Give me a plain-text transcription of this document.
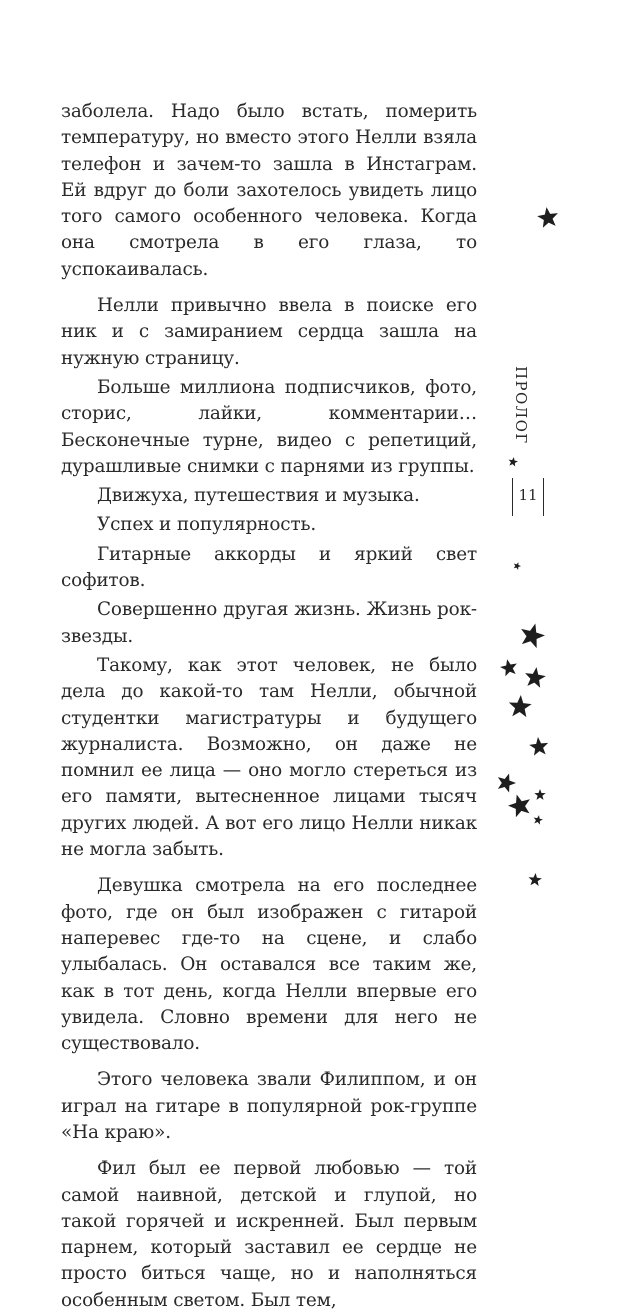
заболела. Надо было встать, померить температуру, но вместо этого Нелли взяла телефон и зачем-то зашла в Инстаграм. Ей вдруг до боли захотелось увидеть лицо того самого особенного человека. Когда она смотрела в его глаза, то успокаивалась.

Нелли привычно ввела в поиске его ник и с замиранием сердца зашла на нужную страницу.

Больше миллиона подписчиков, фото, сторис, лайки, комментарии… Бесконечные турне, видео с репетиций, дурашливые снимки с парнями из группы.

Движуха, путешествия и музыка.

Успех и популярность.

Гитарные аккорды и яркий свет софитов.

Совершенно другая жизнь. Жизнь рок-звезды.

Такому, как этот человек, не было дела до какой-то там Нелли, обычной студентки магистратуры и будущего журналиста. Возможно, он даже не помнил ее лица — оно могло стереться из его памяти, вытесненное лицами тысяч других людей. А вот его лицо Нелли никак не могла забыть.

Девушка смотрела на его последнее фото, где он был изображен с гитарой наперевес где-то на сцене, и слабо улыбалась. Он оставался все таким же, как в тот день, когда Нелли впервые его увидела. Словно времени для него не существовало.

Этого человека звали Филиппом, и он играл на гитаре в популярной рок-группе «На краю».

Фил был ее первой любовью — той самой наивной, детской и глупой, но такой горячей и искренней. Был первым парнем, который заставил ее сердце не просто биться чаще, но и наполняться особенным светом. Был тем,

ПРОЛОГ
11
